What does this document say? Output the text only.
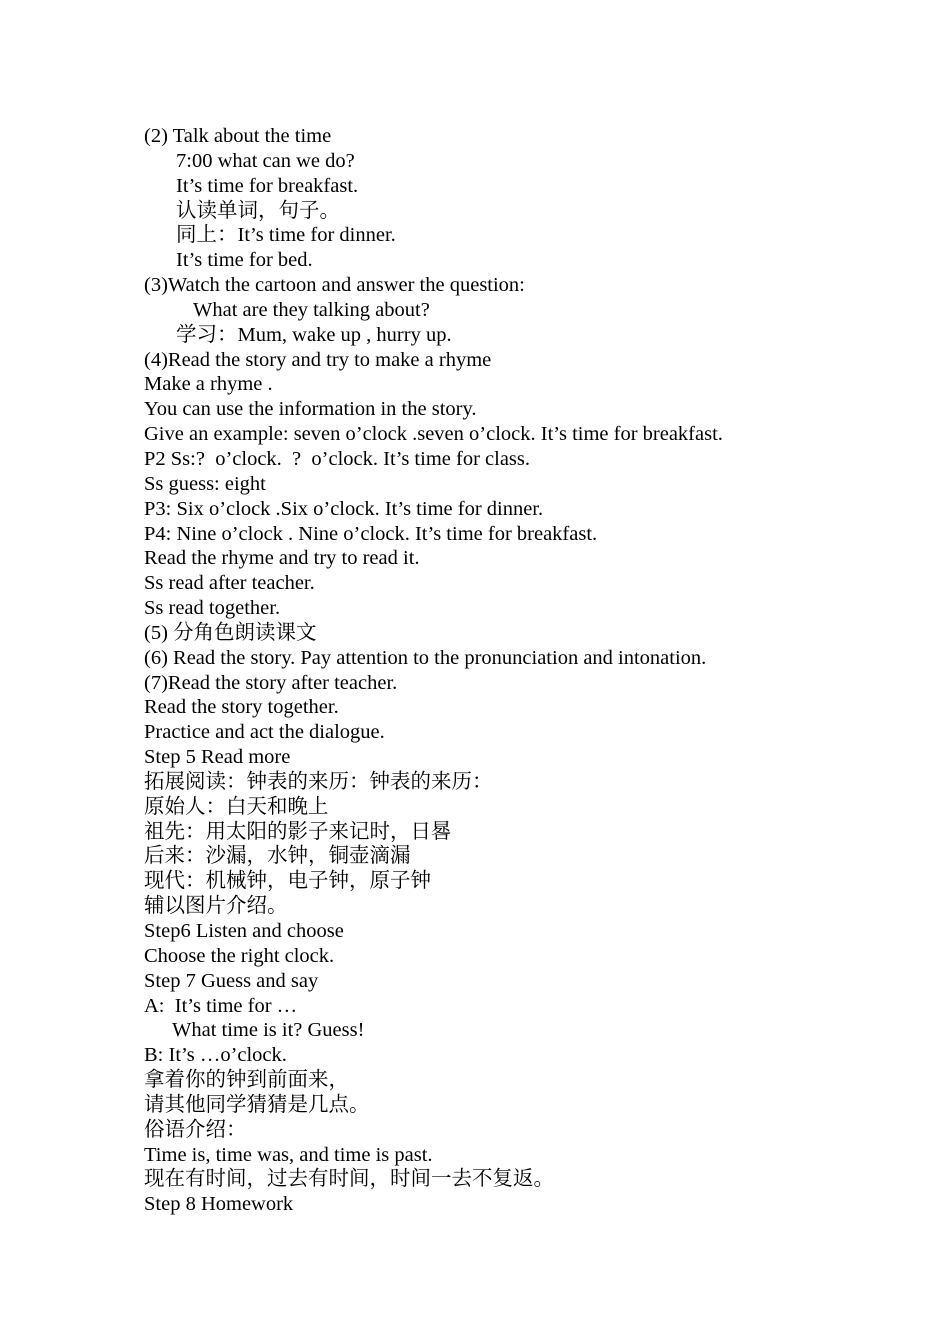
(2) Talk about the time
7:00 what can we do?
It’s time for breakfast.
认读单词，句子。
同上：It’s time for dinner.
It’s time for bed.
(3)Watch the cartoon and answer the question:
What are they talking about?
学习：Mum, wake up , hurry up.
(4)Read the story and try to make a rhyme
Make a rhyme .
You can use the information in the story.
Give an example: seven o’clock .seven o’clock. It’s time for breakfast.
P2 Ss:?  o’clock.  ?  o’clock. It’s time for class.
Ss guess: eight
P3: Six o’clock .Six o’clock. It’s time for dinner.
P4: Nine o’clock . Nine o’clock. It’s time for breakfast.
Read the rhyme and try to read it.
Ss read after teacher.
Ss read together.
(5) 分角色朗读课文
(6) Read the story. Pay attention to the pronunciation and intonation.
(7)Read the story after teacher.
Read the story together.
Practice and act the dialogue.
Step 5 Read more
拓展阅读：钟表的来历：钟表的来历：
原始人：白天和晚上
祖先：用太阳的影子来记时，日晷
后来：沙漏，水钟，铜壶滴漏
现代：机械钟，电子钟，原子钟
辅以图片介绍。
Step6 Listen and choose
Choose the right clock.
Step 7 Guess and say
A:  It’s time for …
What time is it? Guess!
B: It’s …o’clock.
拿着你的钟到前面来，
请其他同学猜猜是几点。
俗语介绍：
Time is, time was, and time is past.
现在有时间，过去有时间，时间一去不复返。
Step 8 Homework
